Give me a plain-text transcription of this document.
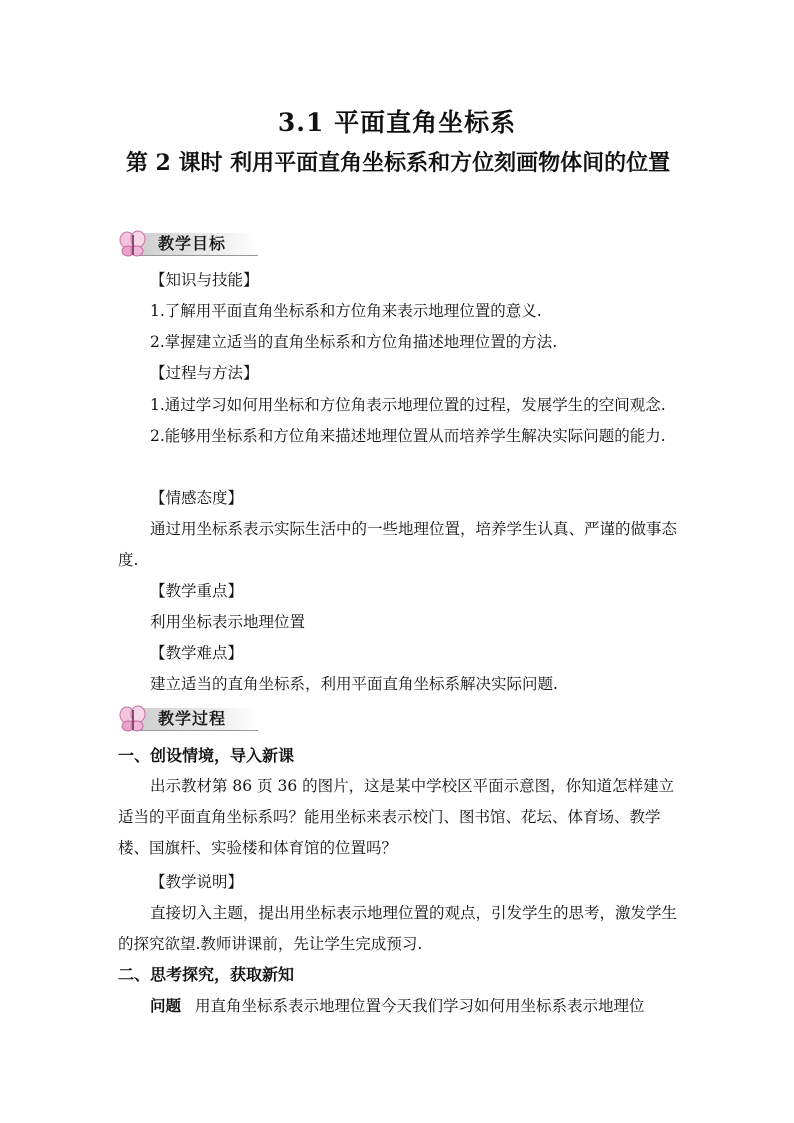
3.1 平面直角坐标系
第 2 课时 利用平面直角坐标系和方位刻画物体间的位置
教学目标
【知识与技能】
1.了解用平面直角坐标系和方位角来表示地理位置的意义.
2.掌握建立适当的直角坐标系和方位角描述地理位置的方法.
【过程与方法】
1.通过学习如何用坐标和方位角表示地理位置的过程，发展学生的空间观念.
2.能够用坐标系和方位角来描述地理位置从而培养学生解决实际问题的能力.
【情感态度】
通过用坐标系表示实际生活中的一些地理位置，培养学生认真、严谨的做事态度.
【教学重点】
利用坐标表示地理位置
【教学难点】
建立适当的直角坐标系，利用平面直角坐标系解决实际问题.
教学过程
一、创设情境，导入新课
出示教材第 86 页 36 的图片，这是某中学校区平面示意图，你知道怎样建立适当的平面直角坐标系吗？能用坐标来表示校门、图书馆、花坛、体育场、教学楼、国旗杆、实验楼和体育馆的位置吗？
【教学说明】
直接切入主题，提出用坐标表示地理位置的观点，引发学生的思考，激发学生的探究欲望.教师讲课前，先让学生完成预习.
二、思考探究，获取新知
问题 用直角坐标系表示地理位置今天我们学习如何用坐标系表示地理位
